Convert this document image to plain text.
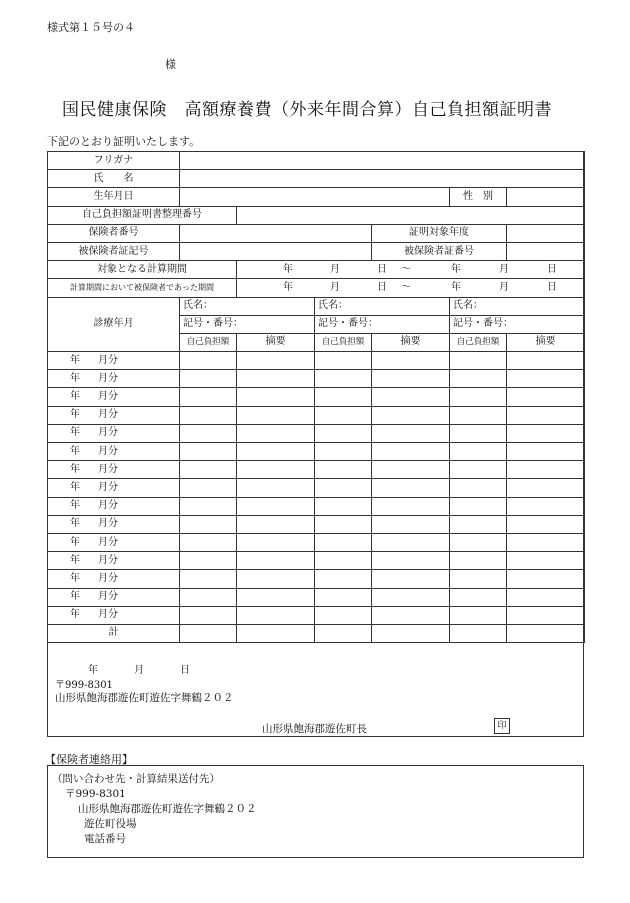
様式第１５号の４
様
国民健康保険　高額療養費（外来年間合算）自己負担額証明書
下記のとおり証明いたします。
フリガナ						
氏　　名						
生年月日					性　別	
自己負担額証明書整理番号						
保険者番号				証明対象年度		
被保険者証記号				被保険者証番号		
対象となる計算期間		年 月 日 ～ 年 月 日				
計算期間において被保険者であった期間		年 月 日 ～ 年 月 日				
診療年月	氏名：		氏名：		氏名：	
	記号・番号：		記号・番号：		記号・番号：	
	自己負担額	摘要	自己負担額	摘要	自己負担額	摘要
年 月分						
年 月分						
年 月分						
年 月分						
年 月分						
年 月分						
年 月分						
年 月分						
年 月分						
年 月分						
年 月分						
年 月分						
年 月分						
年 月分						
年 月分						
計						
年	月	日
〒999-8301
山形県飽海郡遊佐町遊佐字舞鶴２０２
山形県飽海郡遊佐町長	印
【保険者連絡用】
（問い合わせ先・計算結果送付先）
〒999-8301
山形県飽海郡遊佐町遊佐字舞鶴２０２
遊佐町役場
電話番号
